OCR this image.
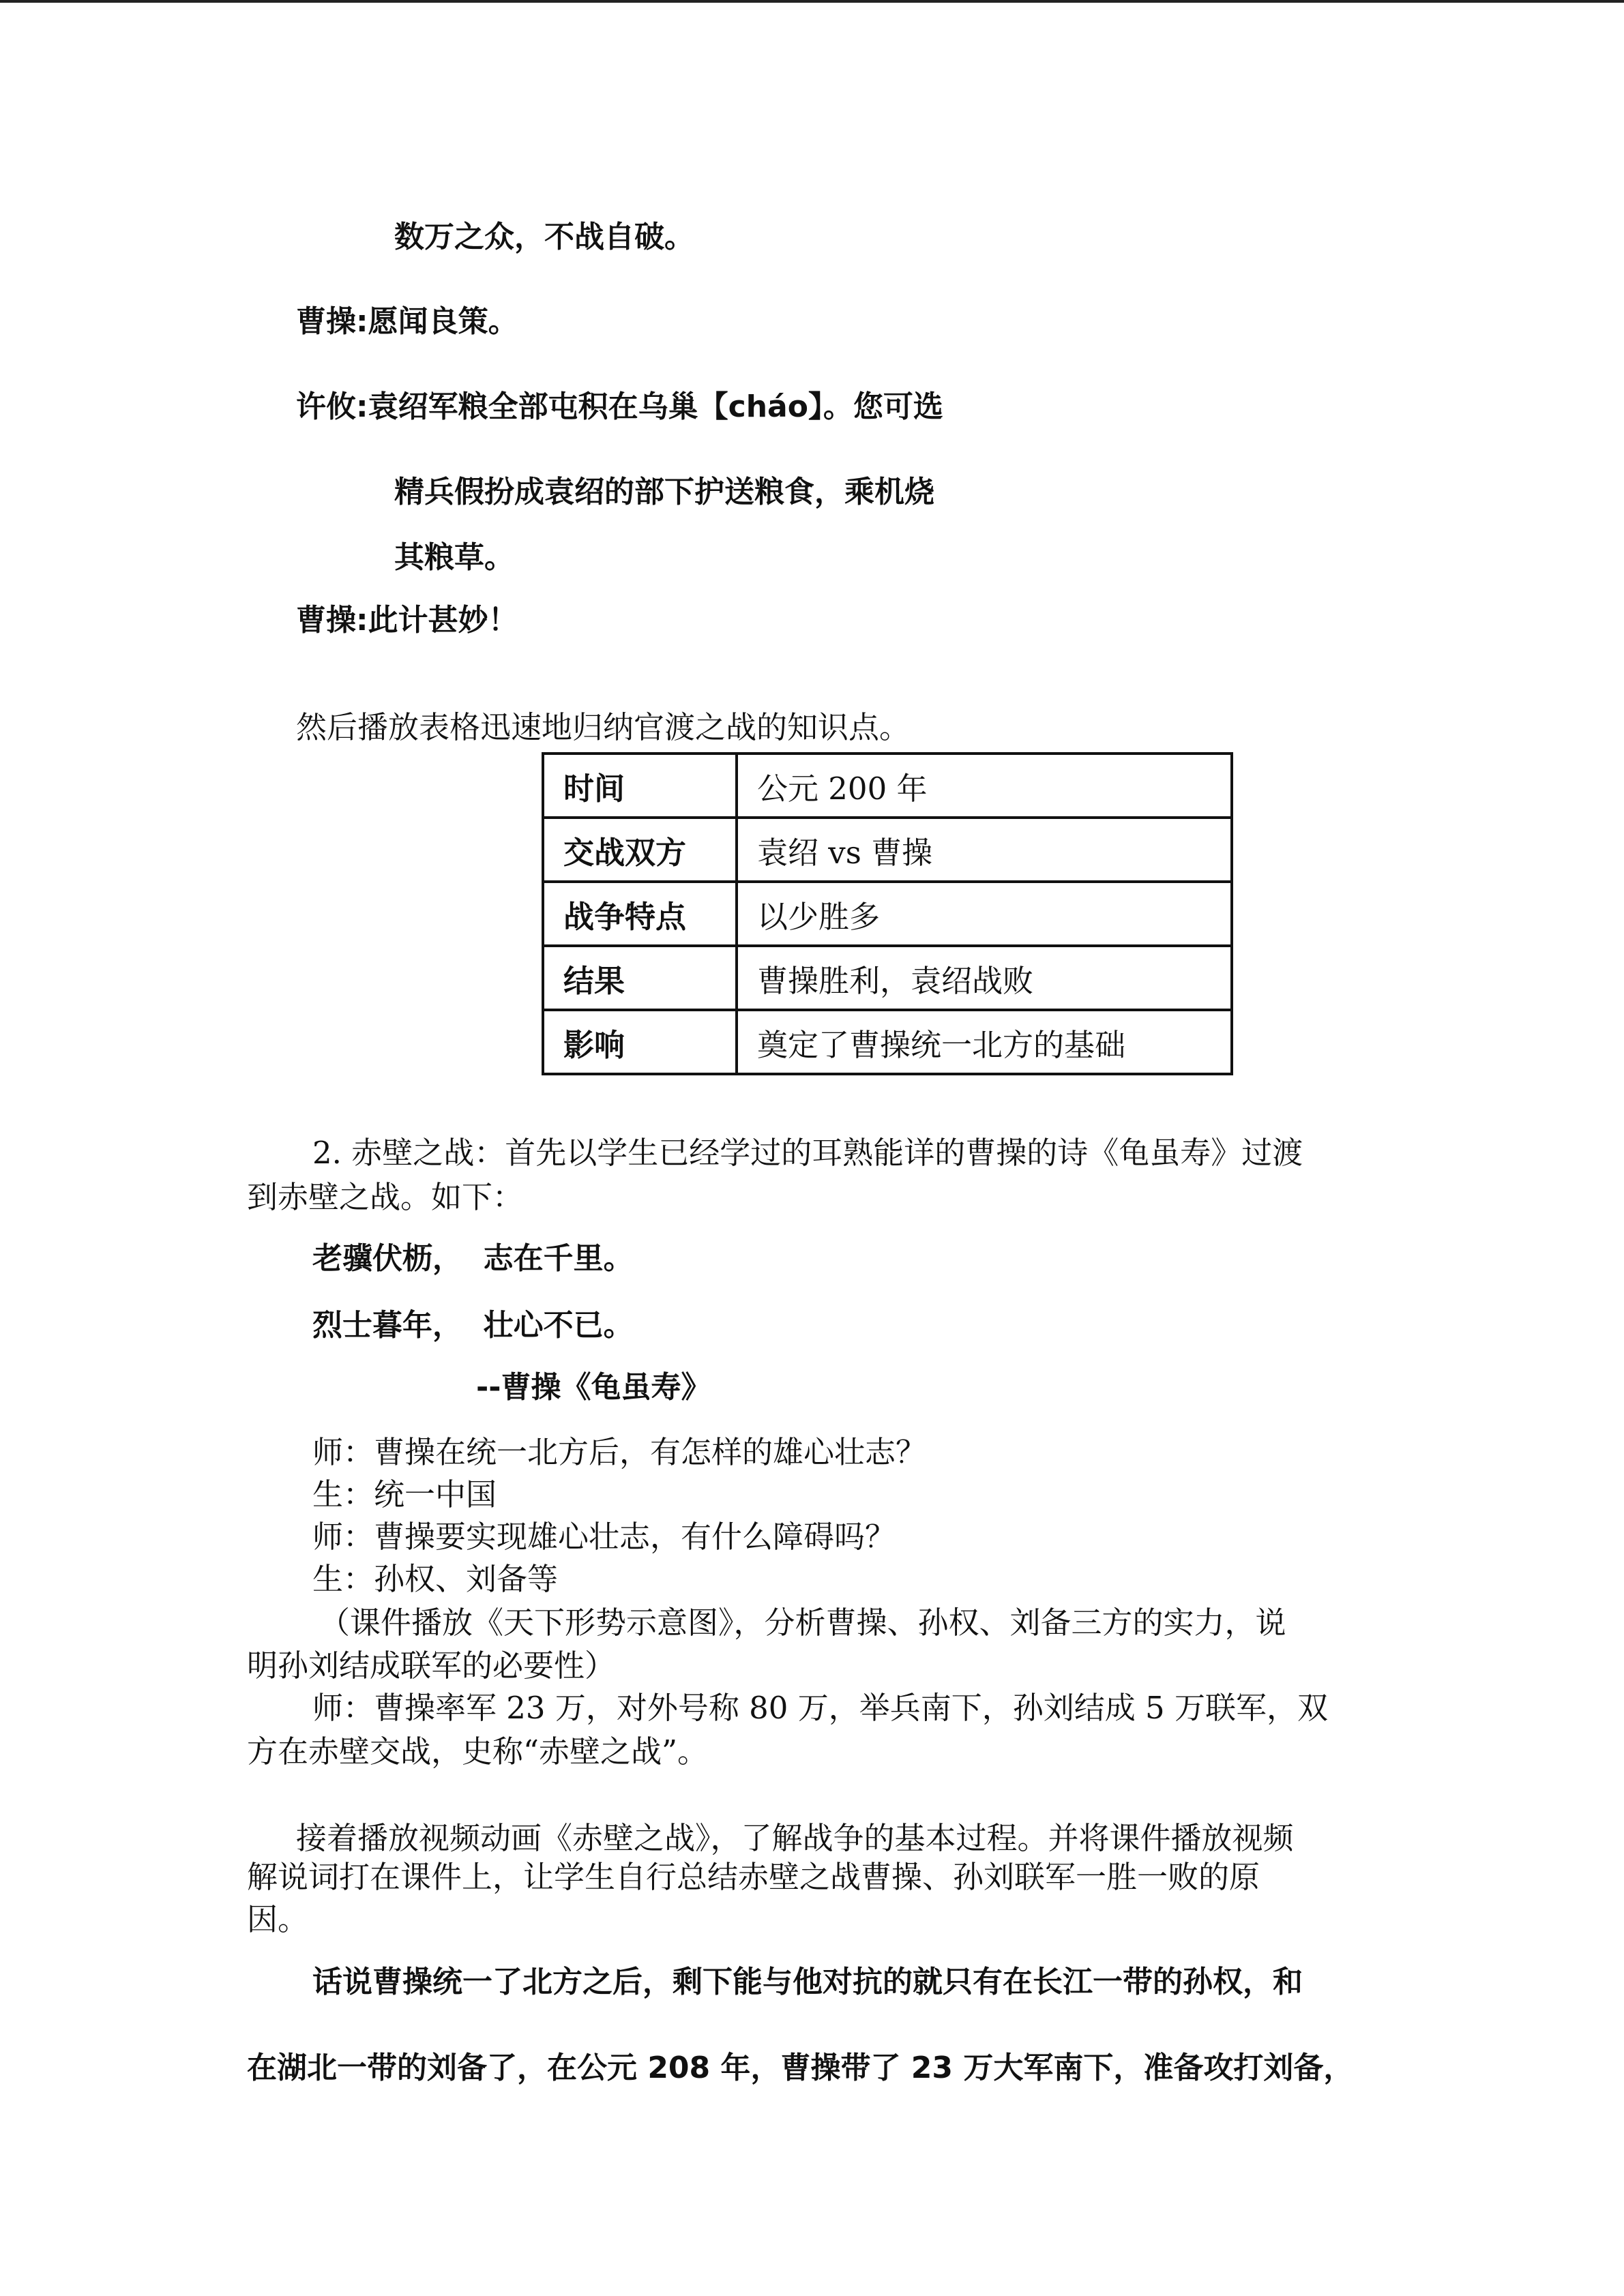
数万之众，不战自破。
曹操:愿闻良策。
许攸:袁绍军粮全部屯积在乌巢【cháo】。您可选
精兵假扮成袁绍的部下护送粮食，乘机烧
其粮草。
曹操:此计甚妙！
然后播放表格迅速地归纳官渡之战的知识点。
时间	公元 200 年
交战双方	袁绍 vs 曹操
战争特点	以少胜多
结果	曹操胜利，袁绍战败
影响	奠定了曹操统一北方的基础
2. 赤壁之战：首先以学生已经学过的耳熟能详的曹操的诗《龟虽寿》过渡
到赤壁之战。如下：
老骥伏枥，  志在千里。
烈士暮年，  壮心不已。
--曹操《龟虽寿》
师：曹操在统一北方后，有怎样的雄心壮志？
生：统一中国
师：曹操要实现雄心壮志，有什么障碍吗？
生：孙权、刘备等
（课件播放《天下形势示意图》，分析曹操、孙权、刘备三方的实力，说
明孙刘结成联军的必要性）
师：曹操率军 23 万，对外号称 80 万，举兵南下，孙刘结成 5 万联军，双
方在赤壁交战，史称“赤壁之战”。
接着播放视频动画《赤壁之战》，了解战争的基本过程。并将课件播放视频
解说词打在课件上，让学生自行总结赤壁之战曹操、孙刘联军一胜一败的原
因。
话说曹操统一了北方之后，剩下能与他对抗的就只有在长江一带的孙权，和
在湖北一带的刘备了，在公元 208 年，曹操带了 23 万大军南下，准备攻打刘备，
